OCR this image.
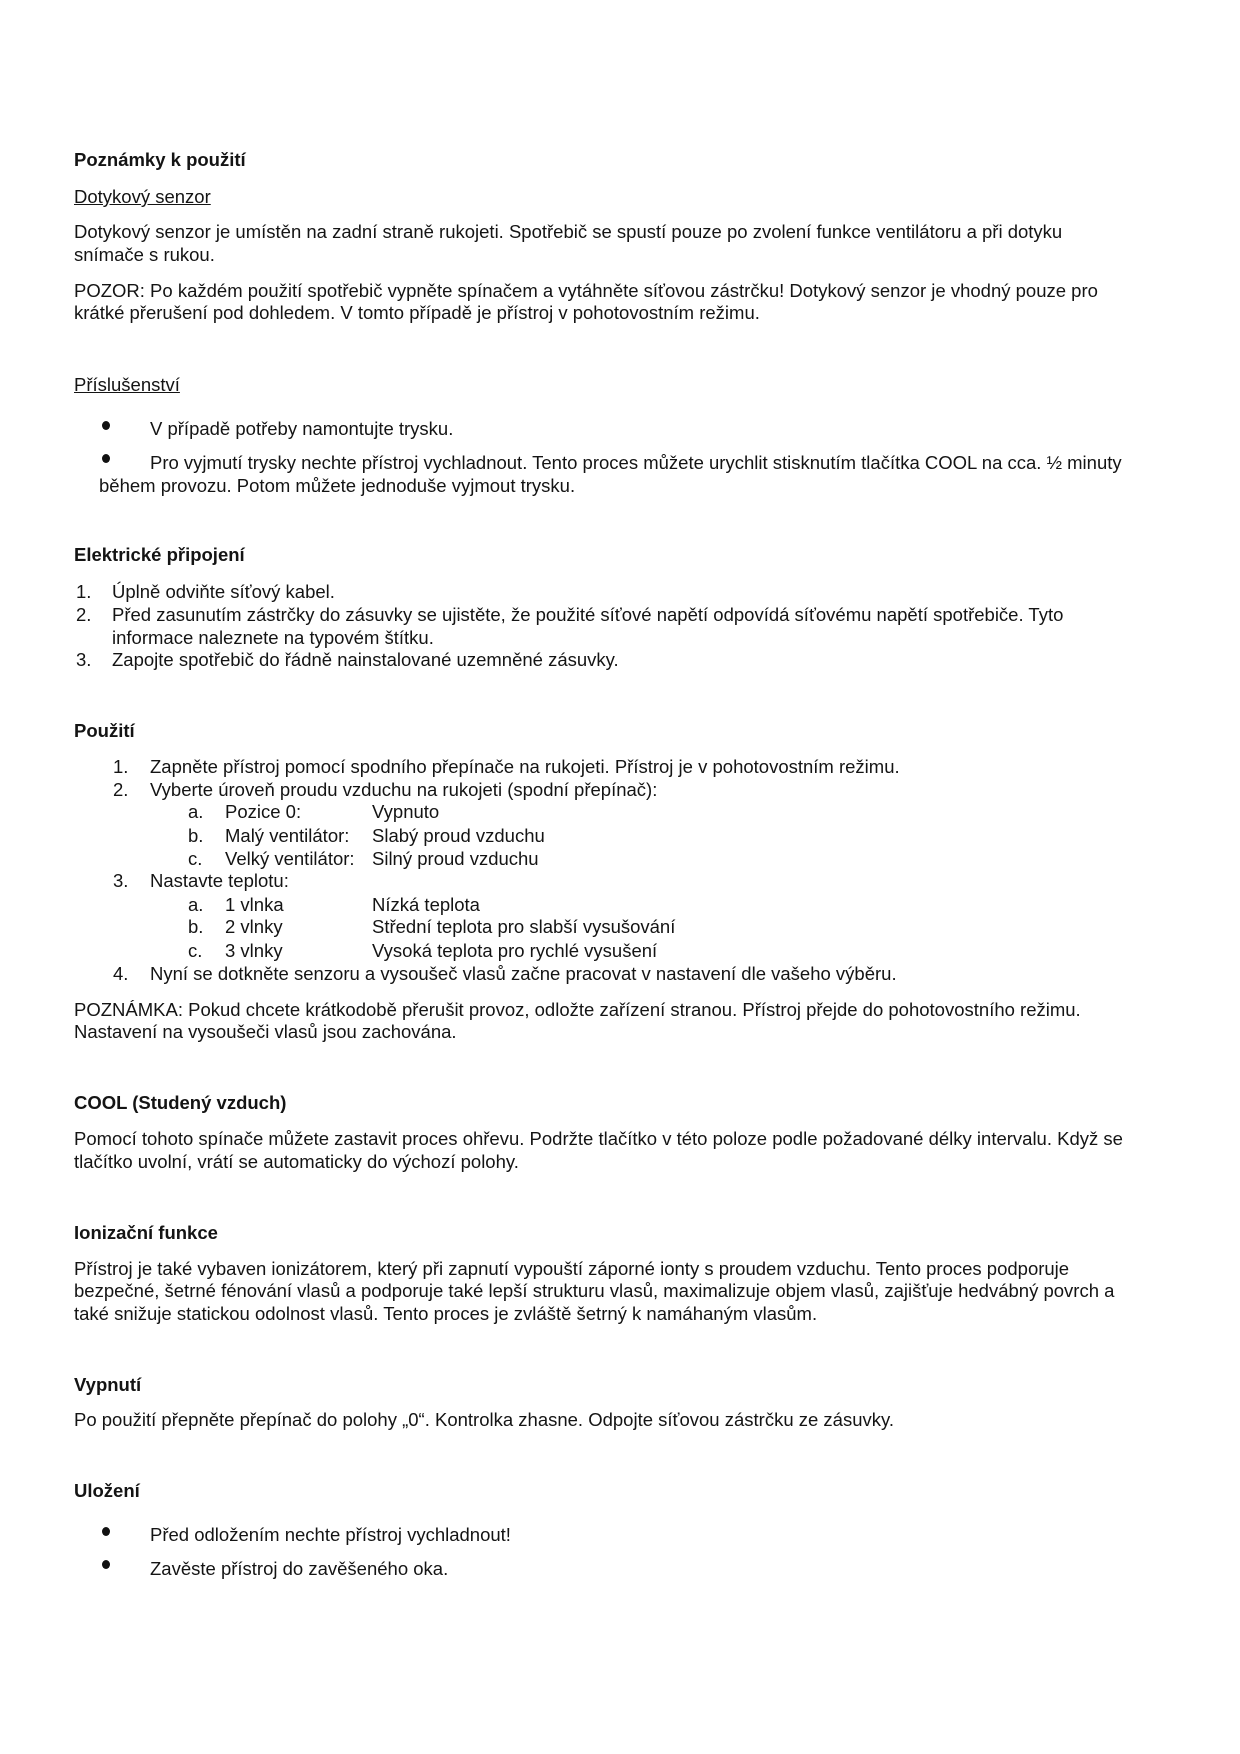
Poznámky k použití
Dotykový senzor
Dotykový senzor je umístěn na zadní straně rukojeti. Spotřebič se spustí pouze po zvolení funkce ventilátoru a při dotyku
snímače s rukou.
POZOR: Po každém použití spotřebič vypněte spínačem a vytáhněte síťovou zástrčku! Dotykový senzor je vhodný pouze pro
krátké přerušení pod dohledem. V tomto případě je přístroj v pohotovostním režimu.
Příslušenství
V případě potřeby namontujte trysku.
Pro vyjmutí trysky nechte přístroj vychladnout. Tento proces můžete urychlit stisknutím tlačítka COOL na cca. ½ minuty
během provozu. Potom můžete jednoduše vyjmout trysku.
Elektrické připojení
1. Úplně odviňte síťový kabel.
2. Před zasunutím zástrčky do zásuvky se ujistěte, že použité síťové napětí odpovídá síťovému napětí spotřebiče. Tyto
informace naleznete na typovém štítku.
3. Zapojte spotřebič do řádně nainstalované uzemněné zásuvky.
Použití
1. Zapněte přístroj pomocí spodního přepínače na rukojeti. Přístroj je v pohotovostním režimu.
2. Vyberte úroveň proudu vzduchu na rukojeti (spodní přepínač):
a. Pozice 0:	Vypnuto
b. Malý ventilátor: Slabý proud vzduchu
c. Velký ventilátor: Silný proud vzduchu
3. Nastavte teplotu:
a. 1 vlnka	Nízká teplota
b. 2 vlnky	Střední teplota pro slabší vysušování
c. 3 vlnky	Vysoká teplota pro rychlé vysušení
4. Nyní se dotkněte senzoru a vysoušeč vlasů začne pracovat v nastavení dle vašeho výběru.
POZNÁMKA: Pokud chcete krátkodobě přerušit provoz, odložte zařízení stranou. Přístroj přejde do pohotovostního režimu.
Nastavení na vysoušeči vlasů jsou zachována.
COOL (Studený vzduch)
Pomocí tohoto spínače můžete zastavit proces ohřevu. Podržte tlačítko v této poloze podle požadované délky intervalu. Když se
tlačítko uvolní, vrátí se automaticky do výchozí polohy.
Ionizační funkce
Přístroj je také vybaven ionizátorem, který při zapnutí vypouští záporné ionty s proudem vzduchu. Tento proces podporuje
bezpečné, šetrné fénování vlasů a podporuje také lepší strukturu vlasů, maximalizuje objem vlasů, zajišťuje hedvábný povrch a
také snižuje statickou odolnost vlasů. Tento proces je zvláště šetrný k namáhaným vlasům.
Vypnutí
Po použití přepněte přepínač do polohy „0“. Kontrolka zhasne. Odpojte síťovou zástrčku ze zásuvky.
Uložení
Před odložením nechte přístroj vychladnout!
Zavěste přístroj do zavěšeného oka.
